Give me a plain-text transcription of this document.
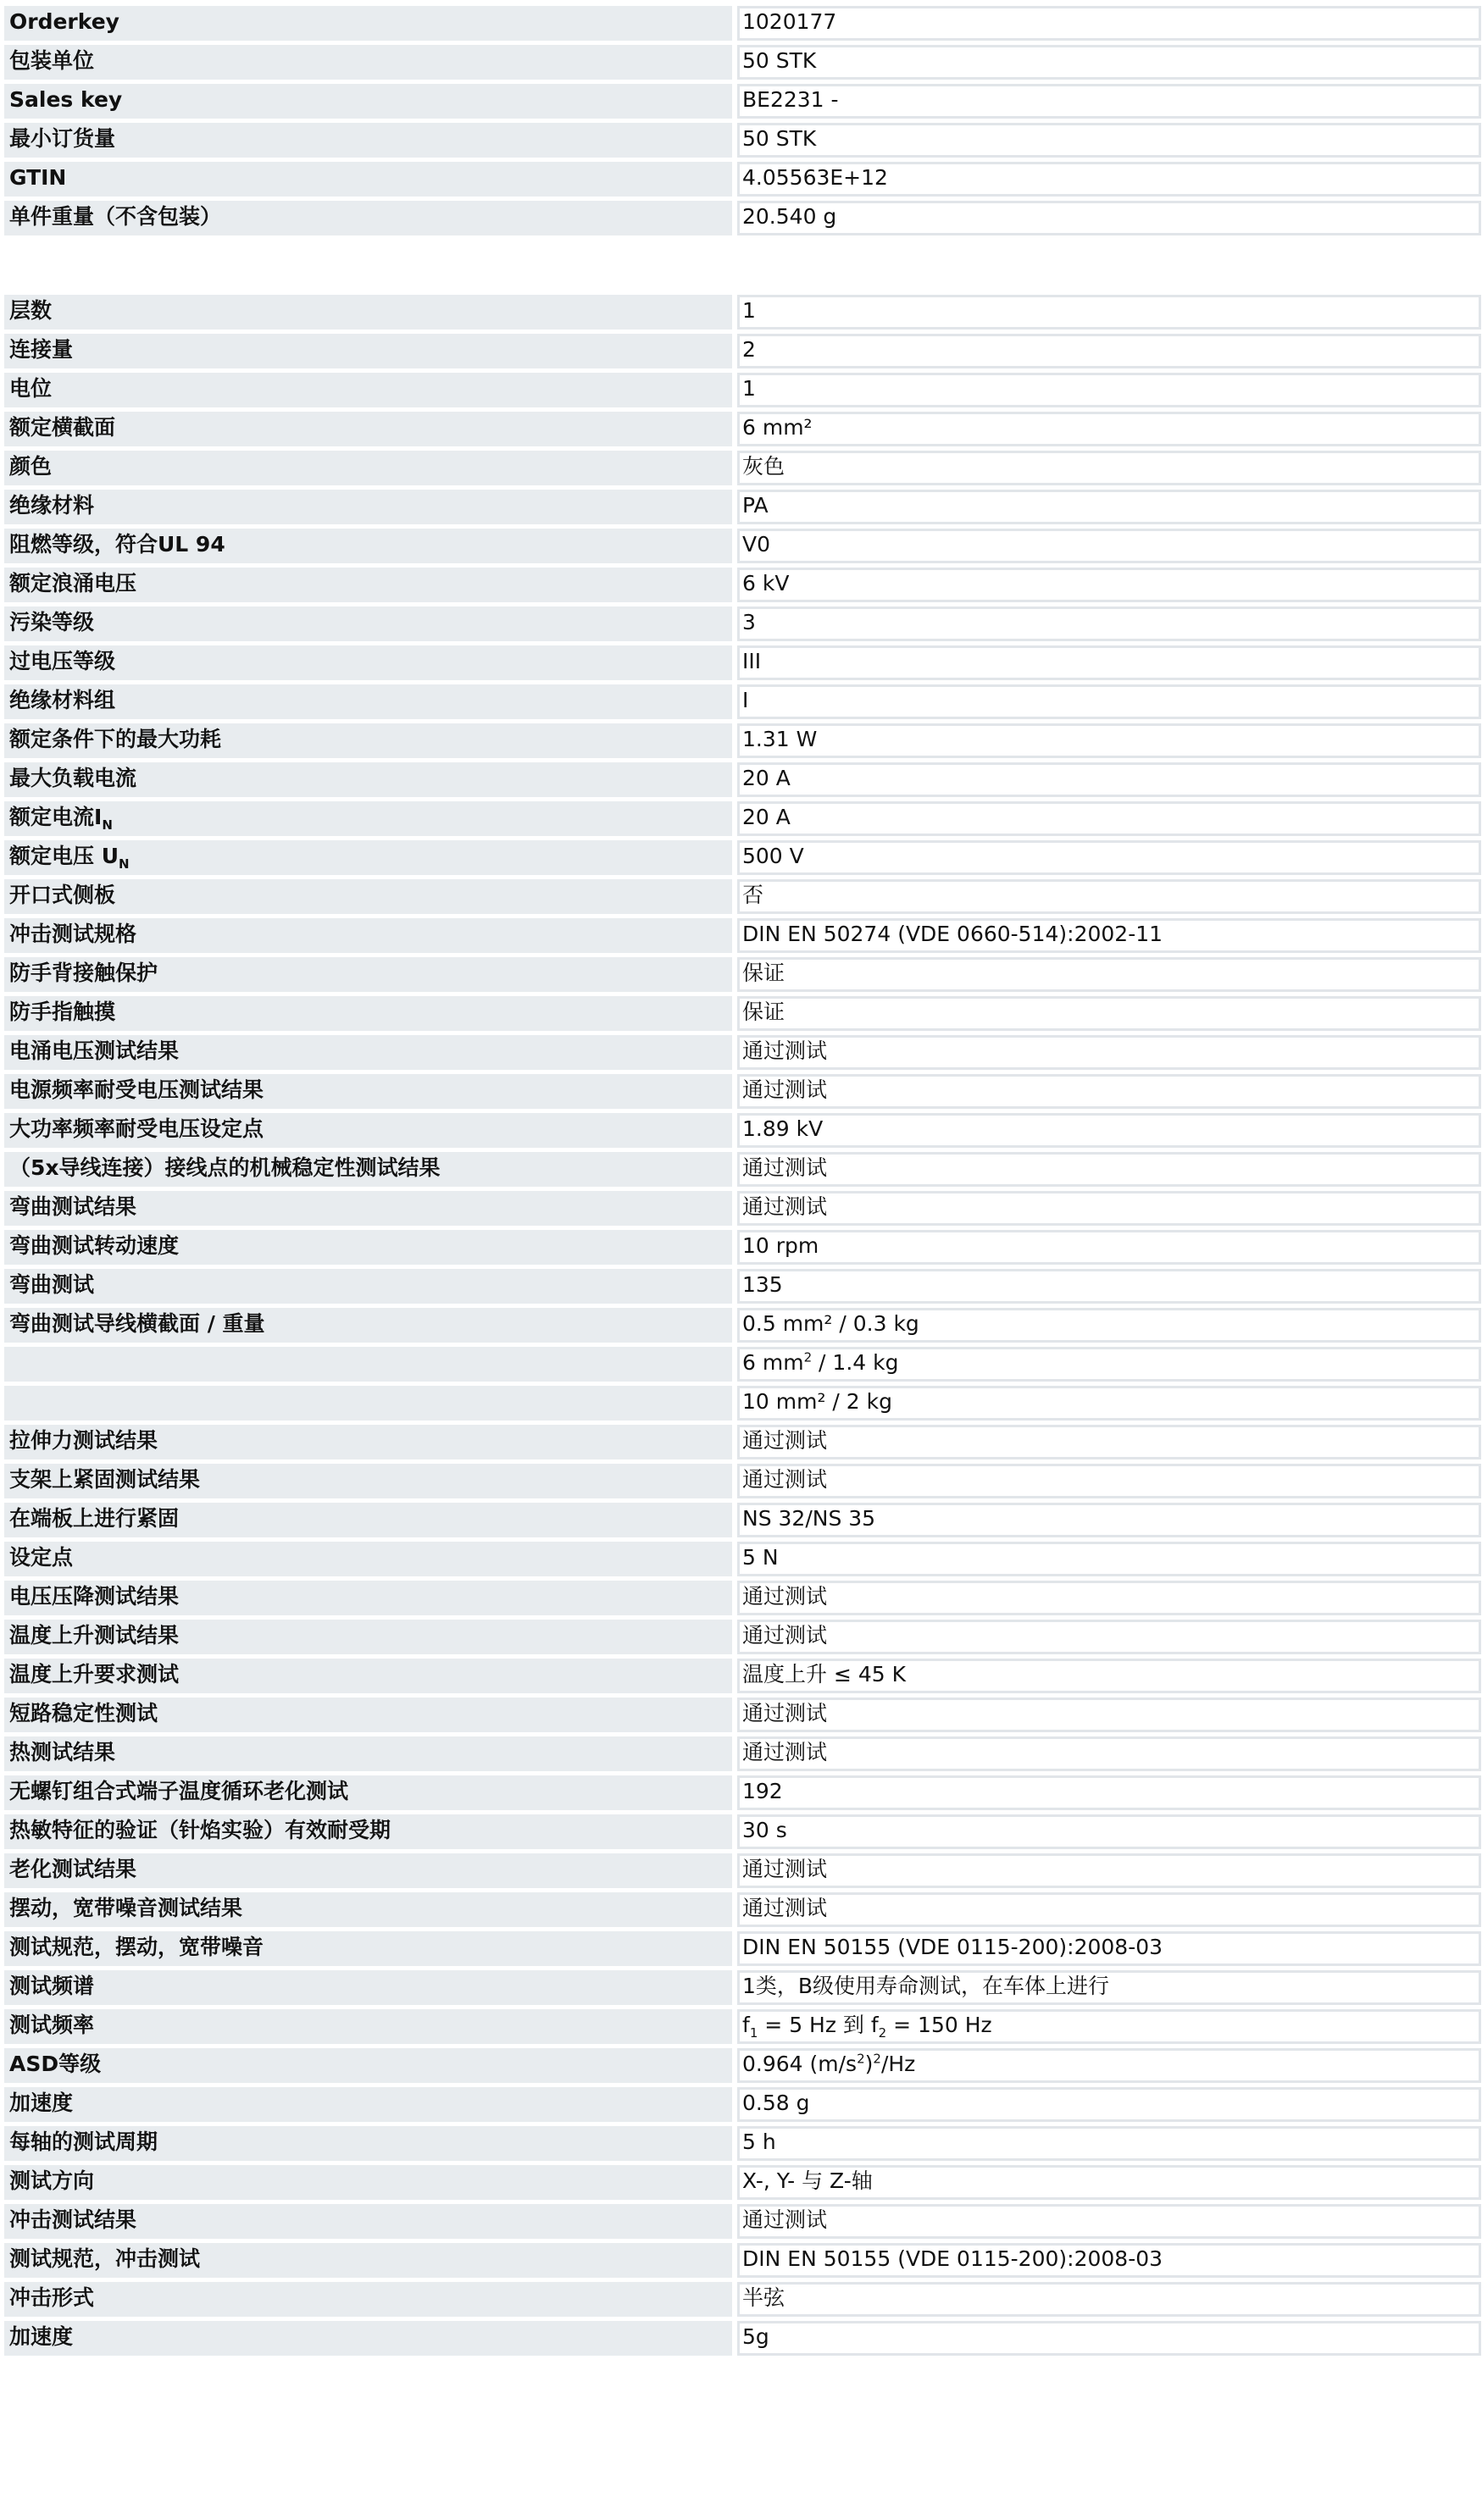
Orderkey	1020177
包装单位	50 STK
Sales key	BE2231 -
最小订货量	50 STK
GTIN	4.05563E+12
单件重量（不含包装）	20.540 g
层数	1
连接量	2
电位	1
额定横截面	6 mm²
颜色	灰色
绝缘材料	PA
阻燃等级，符合UL 94	V0
额定浪涌电压	6 kV
污染等级	3
过电压等级	III
绝缘材料组	I
额定条件下的最大功耗	1.31 W
最大负载电流	20 A
额定电流$I_N$	20 A
额定电压 $U_N$	500 V
开口式侧板	否
冲击测试规格	DIN EN 50274 (VDE 0660-514):2002-11
防手背接触保护	保证
防手指触摸	保证
电涌电压测试结果	通过测试
电源频率耐受电压测试结果	通过测试
大功率频率耐受电压设定点	1.89 kV
（5x导线连接）接线点的机械稳定性测试结果	通过测试
弯曲测试结果	通过测试
弯曲测试转动速度	10 rpm
弯曲测试	135
弯曲测试导线横截面 / 重量	0.5 mm² / 0.3 kg
	6 $mm^2 / 1.4$ kg
	10 mm² / 2 kg
拉伸力测试结果	通过测试
支架上紧固测试结果	通过测试
在端板上进行紧固	NS 32/NS 35
设定点	5 N
电压压降测试结果	通过测试
温度上升测试结果	通过测试
温度上升要求测试	温度上升 ≤ 45 K
短路稳定性测试	通过测试
热测试结果	通过测试
无螺钉组合式端子温度循环老化测试	192
热敏特征的验证（针焰实验）有效耐受期	30 s
老化测试结果	通过测试
摆动，宽带噪音测试结果	通过测试
测试规范，摆动，宽带噪音	DIN EN 50155 (VDE 0115-200):2008-03
测试频谱	1类，B级使用寿命测试，在车体上进行
测试频率	$f_1 = 5$ Hz 到 $f_2 = 150$ Hz
ASD等级	0.964 $(m/s^2)^2/Hz$
加速度	0.58 g
每轴的测试周期	5 h
测试方向	X-, Y- 与 Z-轴
冲击测试结果	通过测试
测试规范，冲击测试	DIN EN 50155 (VDE 0115-200):2008-03
冲击形式	半弦
加速度	5g
